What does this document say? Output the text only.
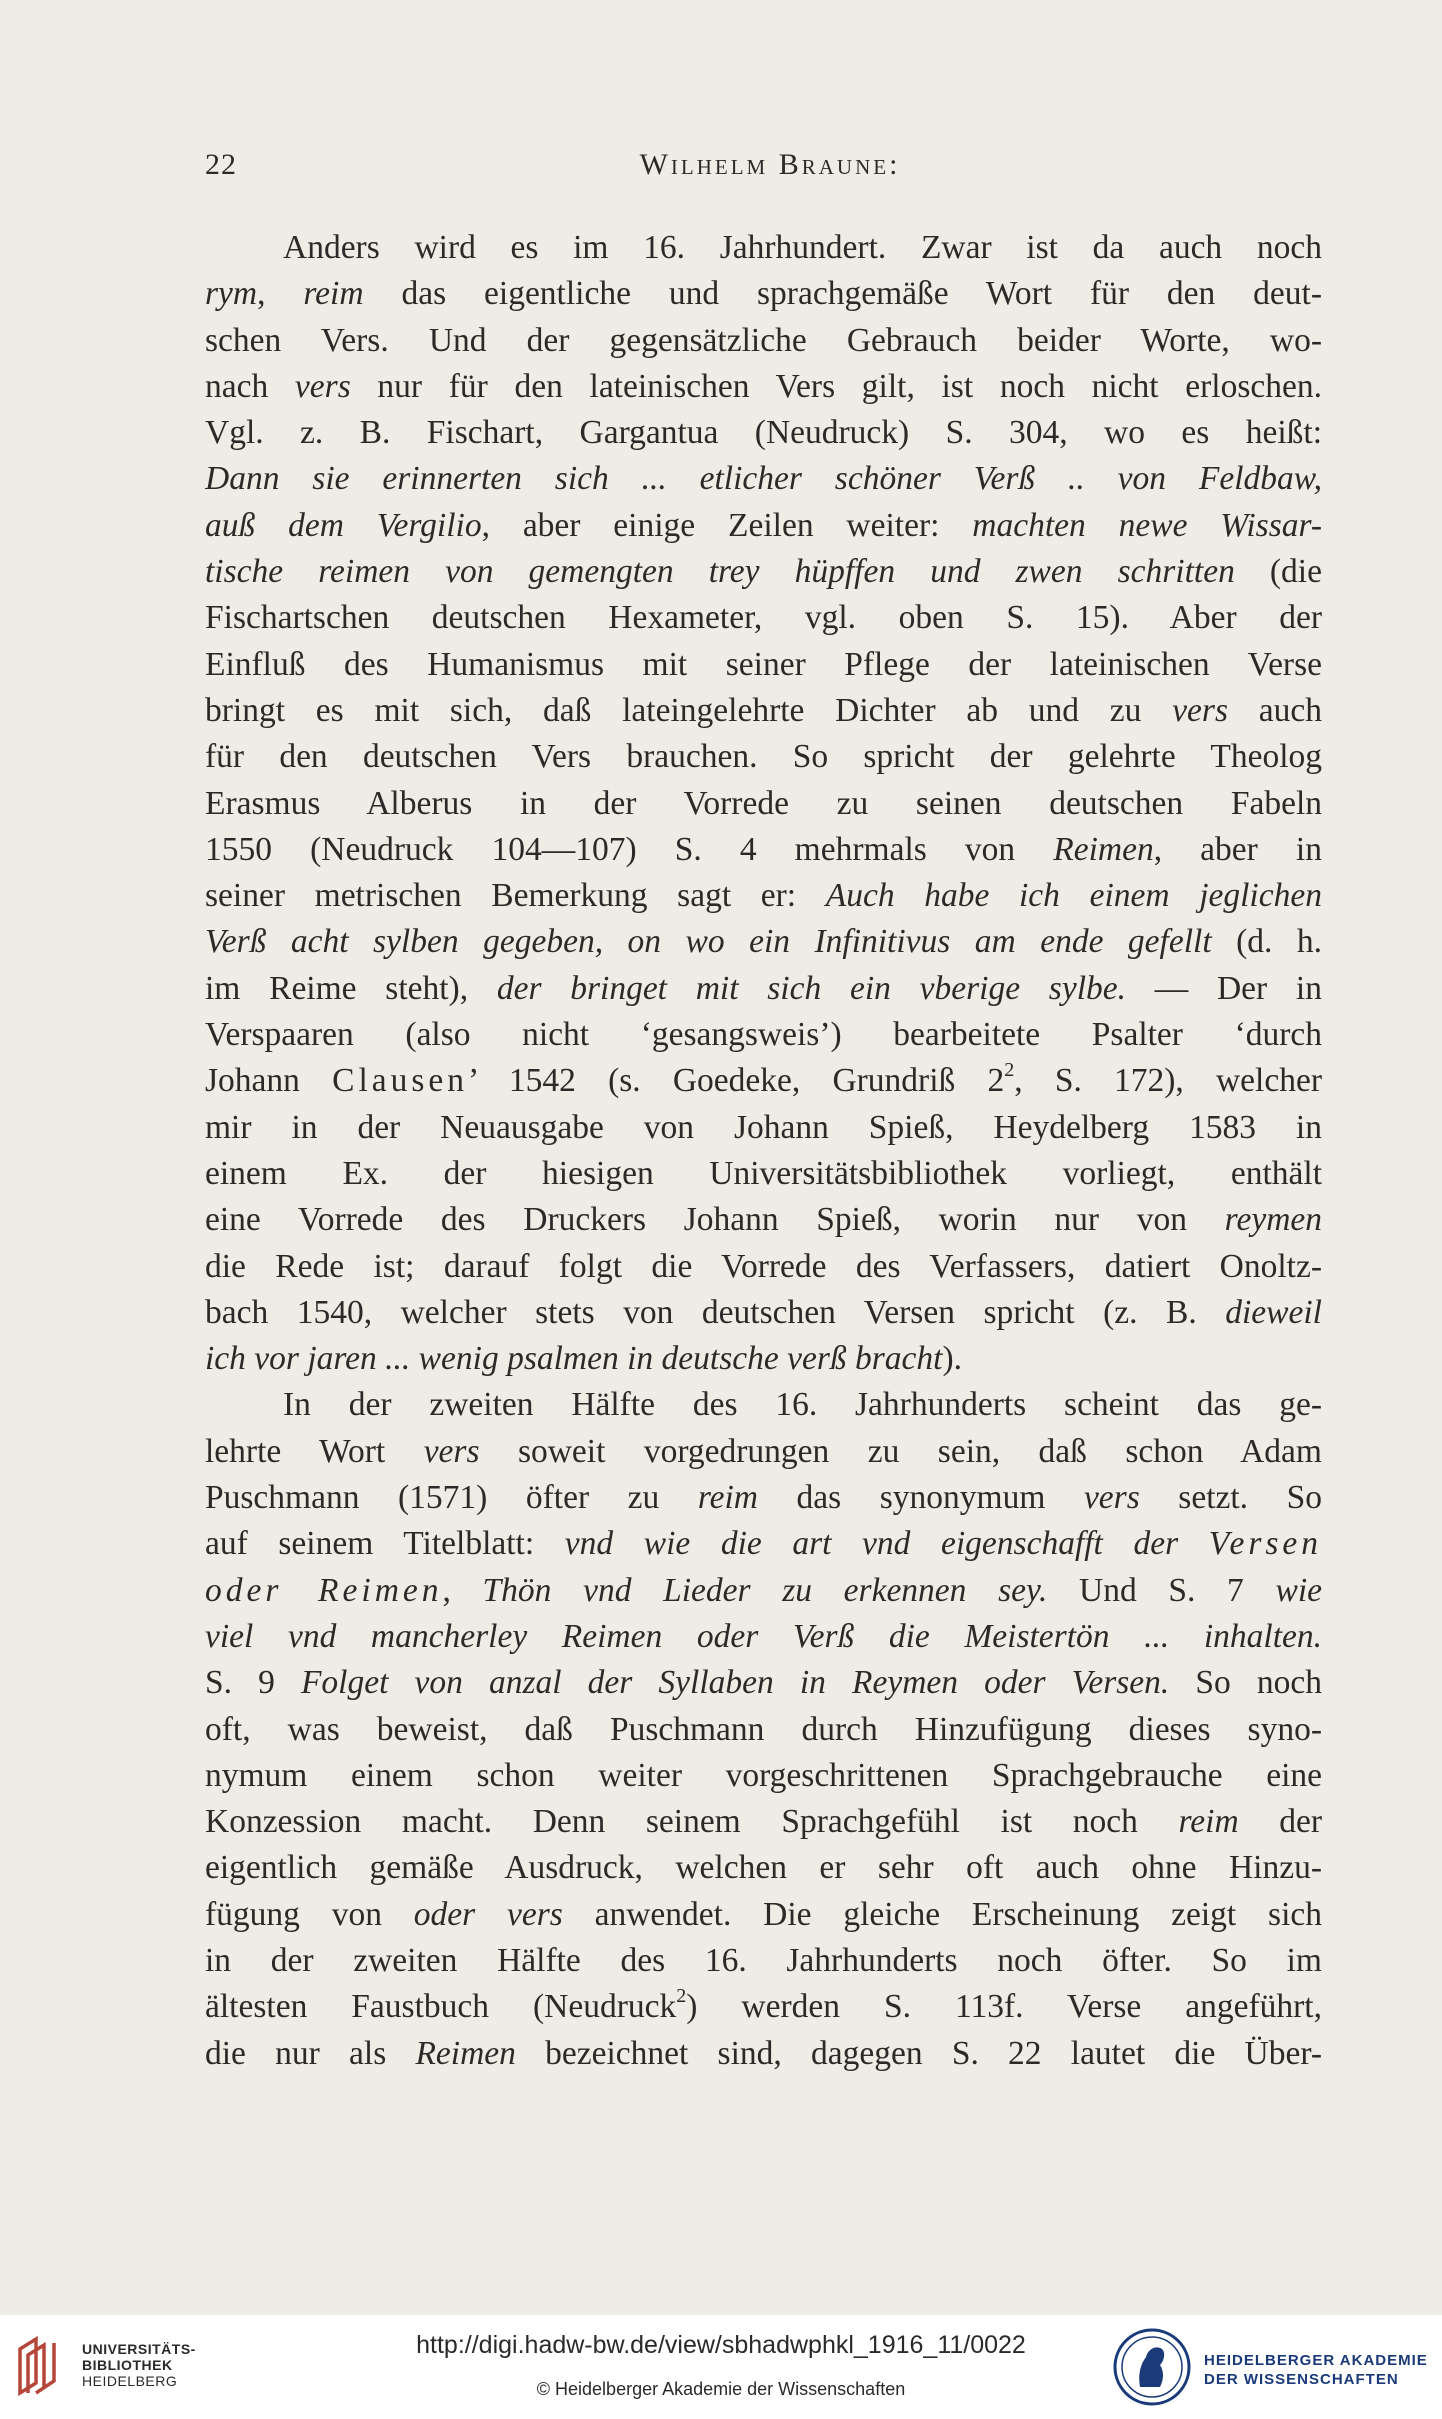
22	Wilhelm Braune:
Anders wird es im 16. Jahrhundert. Zwar ist da auch noch
rym, reim das eigentliche und sprachgemäße Wort für den deut-
schen Vers. Und der gegensätzliche Gebrauch beider Worte, wo-
nach vers nur für den lateinischen Vers gilt, ist noch nicht erloschen.
Vgl. z. B. Fischart, Gargantua (Neudruck) S. 304, wo es heißt:
Dann sie erinnerten sich ... etlicher schöner Verß .. von Feldbaw,
auß dem Vergilio, aber einige Zeilen weiter: machten newe Wissar-
tische reimen von gemengten trey hüpffen und zwen schritten (die
Fischartschen deutschen Hexameter, vgl. oben S. 15). Aber der
Einfluß des Humanismus mit seiner Pflege der lateinischen Verse
bringt es mit sich, daß lateingelehrte Dichter ab und zu vers auch
für den deutschen Vers brauchen. So spricht der gelehrte Theolog
Erasmus Alberus in der Vorrede zu seinen deutschen Fabeln
1550 (Neudruck 104—107) S. 4 mehrmals von Reimen, aber in
seiner metrischen Bemerkung sagt er: Auch habe ich einem jeglichen
Verß acht sylben gegeben, on wo ein Infinitivus am ende gefellt (d. h.
im Reime steht), der bringet mit sich ein vberige sylbe. — Der in
Verspaaren (also nicht ‘gesangsweis’) bearbeitete Psalter ‘durch
Johann Clausen’ 1542 (s. Goedeke, Grundriß $2^2$, S. 172), welcher
mir in der Neuausgabe von Johann Spieß, Heydelberg 1583 in
einem Ex. der hiesigen Universitätsbibliothek vorliegt, enthält
eine Vorrede des Druckers Johann Spieß, worin nur von reymen
die Rede ist; darauf folgt die Vorrede des Verfassers, datiert Onoltz-
bach 1540, welcher stets von deutschen Versen spricht (z. B. dieweil
ich vor jaren ... wenig psalmen in deutsche verß bracht).
In der zweiten Hälfte des 16. Jahrhunderts scheint das ge-
lehrte Wort vers soweit vorgedrungen zu sein, daß schon Adam
Puschmann (1571) öfter zu reim das synonymum vers setzt. So
auf seinem Titelblatt: vnd wie die art vnd eigenschafft der Versen
oder Reimen, Thön vnd Lieder zu erkennen sey. Und S. 7 wie
viel vnd mancherley Reimen oder Verß die Meistertön ... inhalten.
S. 9 Folget von anzal der Syllaben in Reymen oder Versen. So noch
oft, was beweist, daß Puschmann durch Hinzufügung dieses syno-
nymum einem schon weiter vorgeschrittenen Sprachgebrauche eine
Konzession macht. Denn seinem Sprachgefühl ist noch reim der
eigentlich gemäße Ausdruck, welchen er sehr oft auch ohne Hinzu-
fügung von oder vers anwendet. Die gleiche Erscheinung zeigt sich
in der zweiten Hälfte des 16. Jahrhunderts noch öfter. So im
ältesten Faustbuch (Neudruck$^2$) werden S. 113f. Verse angeführt,
die nur als Reimen bezeichnet sind, dagegen S. 22 lautet die Über-
UNIVERSITÄTS-
BIBLIOTHEK
HEIDELBERG
http://digi.hadw-bw.de/view/sbhadwphkl_1916_11/0022
© Heidelberger Akademie der Wissenschaften
HEIDELBERGER AKADEMIE
DER WISSENSCHAFTEN
